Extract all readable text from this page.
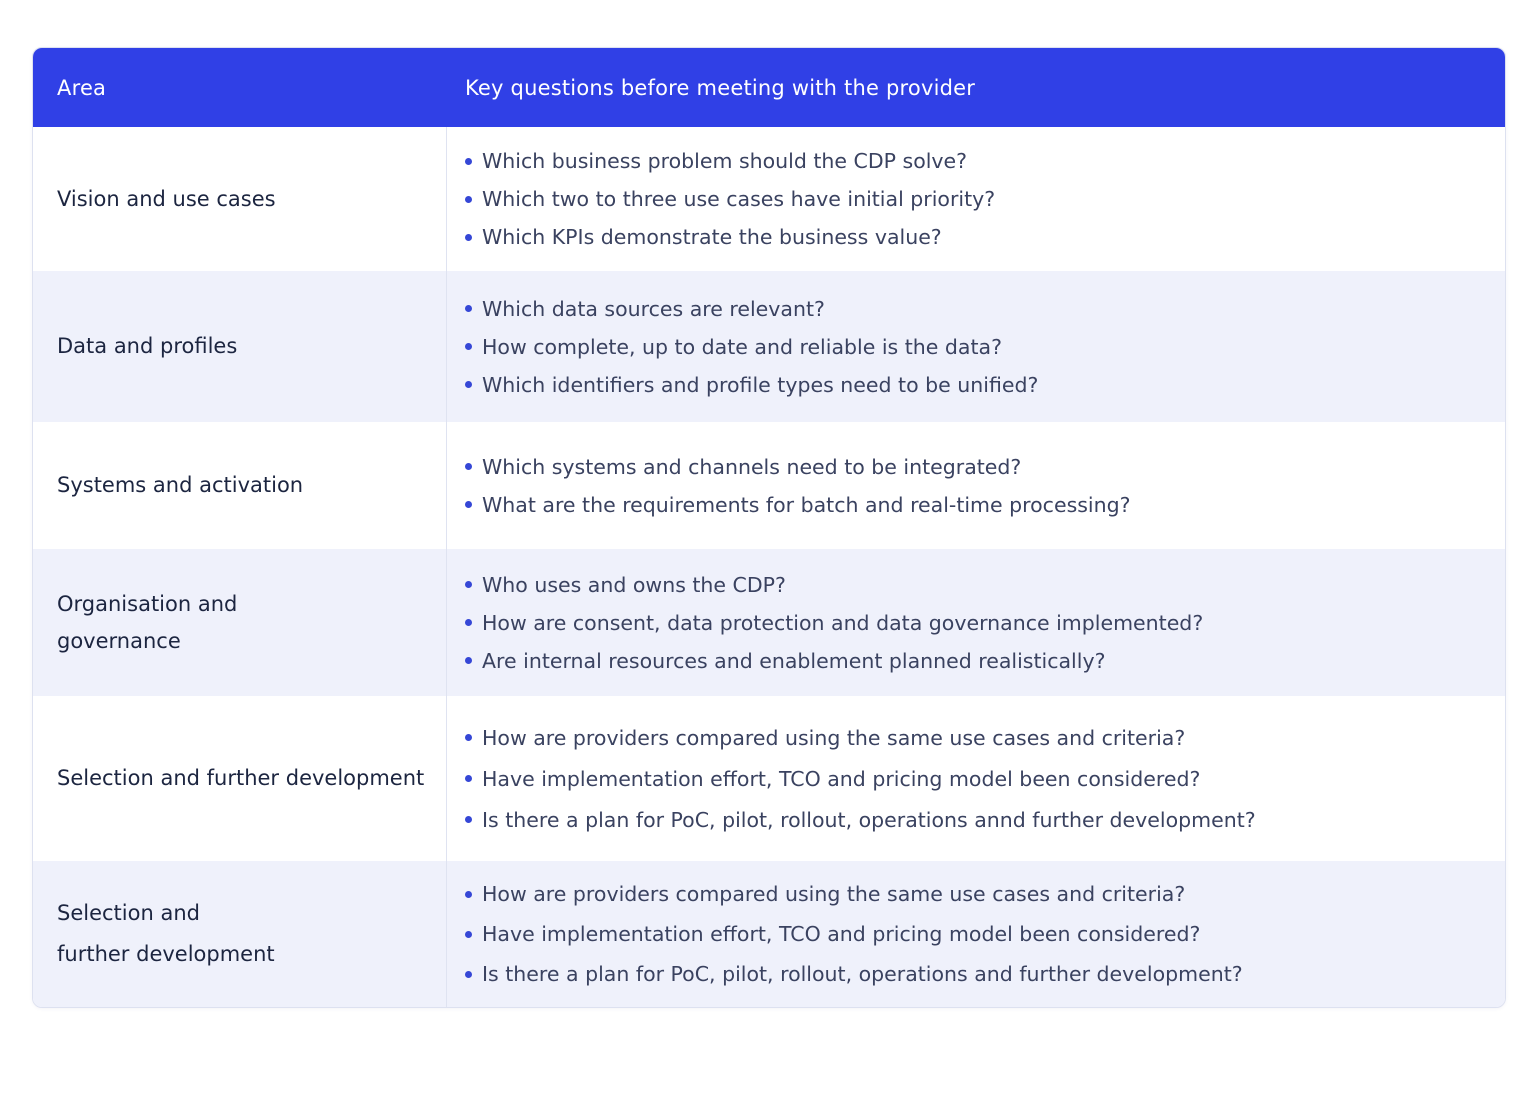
Area	Key questions before meeting with the provider
Vision and use cases
Which business problem should the CDP solve?
Which two to three use cases have initial priority?
Which KPIs demonstrate the business value?
Data and profiles
Which data sources are relevant?
How complete, up to date and reliable is the data?
Which identifiers and profile types need to be unified?
Systems and activation
Which systems and channels need to be integrated?
What are the requirements for batch and real-time processing?
Organisation and
governance
Who uses and owns the CDP?
How are consent, data protection and data governance implemented?
Are internal resources and enablement planned realistically?
Selection and further development
How are providers compared using the same use cases and criteria?
Have implementation effort, TCO and pricing model been considered?
Is there a plan for PoC, pilot, rollout, operations annd further development?
Selection and
further development
How are providers compared using the same use cases and criteria?
Have implementation effort, TCO and pricing model been considered?
Is there a plan for PoC, pilot, rollout, operations and further development?
